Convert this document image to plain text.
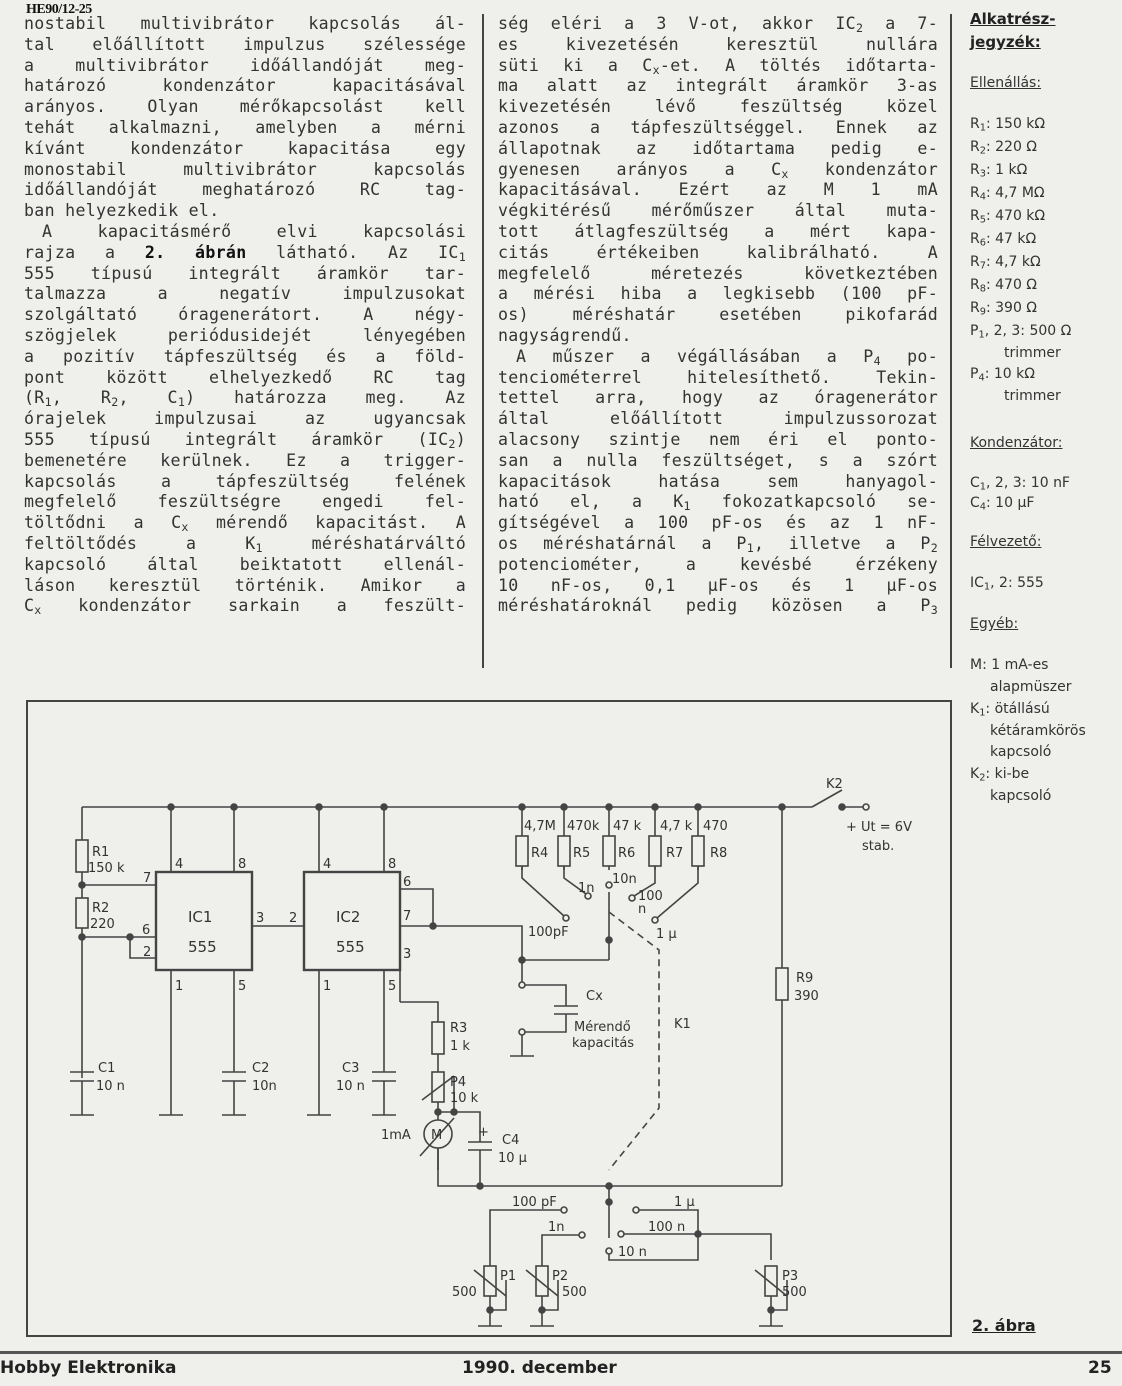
HE90/12-25
nostabil multivibrátor kapcsolás ál-
tal előállított impulzus szélessége
a multivibrátor időállandóját meg-
határozó kondenzátor kapacitásával
arányos. Olyan mérőkapcsolást kell
tehát alkalmazni, amelyben a mérni
kívánt kondenzátor kapacitása egy
monostabil multivibrátor kapcsolás
időállandóját meghatározó RC tag-
ban helyezkedik el.
A kapacitásmérő elvi kapcsolási
rajza a 2. ábrán látható. Az $IC_1$
555 típusú integrált áramkör tar-
talmazza a negatív impulzusokat
szolgáltató óragenerátort. A négy-
szögjelek periódusidejét lényegében
a pozitív tápfeszültség és a föld-
pont között elhelyezkedő RC tag
($R_1$, $R_2$, $C_1$) határozza meg. Az
órajelek impulzusai az ugyancsak
555 típusú integrált áramkör $(IC_2)$
bemenetére kerülnek. Ez a trigger-
kapcsolás a tápfeszültség felének
megfelelő feszültségre engedi fel-
töltődni a $C_x$ mérendő kapacitást. A
feltöltődés a $K_1$ méréshatárváltó
kapcsoló által beiktatott ellenál-
láson keresztül történik. Amikor a
$C_x$ kondenzátor sarkain a feszült-
ség eléri a 3 V-ot, akkor $IC_2$ a 7-
es kivezetésén keresztül nullára
süti ki a $C_x-et$. A töltés időtarta-
ma alatt az integrált áramkör 3-as
kivezetésén lévő feszültség közel
azonos a tápfeszültséggel. Ennek az
állapotnak az időtartama pedig e-
gyenesen arányos a $C_x$ kondenzátor
kapacitásával. Ezért az M 1 mA
végkitérésű mérőműszer által muta-
tott átlagfeszültség a mért kapa-
citás értékeiben kalibrálható. A
megfelelő méretezés következtében
a mérési hiba a legkisebb (100 pF-
os) méréshatár esetében pikofarád
nagyságrendű.
A műszer a végállásában a $P_4$ po-
tenciométerrel hitelesíthető. Tekin-
tettel arra, hogy az óragenerátor
által előállított impulzussorozat
alacsony szintje nem éri el ponto-
san a nulla feszültséget, s a szórt
kapacitások hatása sem hanyagol-
ható el, a $K_1$ fokozatkapcsoló se-
gítségével a 100 pF-os és az 1 nF-
os méréshatárnál a $P_1$, illetve a $P_2$
potenciométer, a kevésbé érzékeny
10 nF-os, 0,1 µF-os és 1 µF-os
méréshatároknál pedig közösen a $P_3$
Alkatrész-
jegyzék:
Ellenállás:
$R_1$: 150 kΩ
$R_2$: 220 Ω
$R_3$: 1 kΩ
$R_4$: 4,7 MΩ
$R_5$: 470 kΩ
$R_6$: 47 kΩ
$R_7$: 4,7 kΩ
$R_8$: 470 Ω
$R_9$: 390 Ω
$P_1$, 2, 3: 500 Ω
trimmer
$P_4$: 10 kΩ
trimmer
Kondenzátor:
$C_1$, 2, 3: 10 nF
$C_4$: 10 µF
Félvezető:
$IC_1$, 2: 555
Egyéb:
M: 1 mA-es
alapmüszer
$K_1$: ötállású
kétáramkörös
kapcsoló
$K_2$: ki-be
kapcsoló
R1
150 k
R2
220
C1
10 n
IC1
555
C2
10n
IC2
555
C3
10 n
R3
1 k
P4
10 k
M
1mA	C4
10 µ
+
4,7M
R4
470k
R5
47 k
R6
4,7 k
R7
470
R8
10n
1n
100pF
100
n
1 µ
K2
+ Ut = 6V
stab.
Cx
Mérendő
kapacitás
K1
R9
390
100 pF
1n
10 n
100 n
1 µ
P1
500
P2
500
P3
500
4	8
7
6
2
3
1	5
4	8
2
6
7
3
1	5
2. ábra
Hobby Elektronika	1990. december	25
